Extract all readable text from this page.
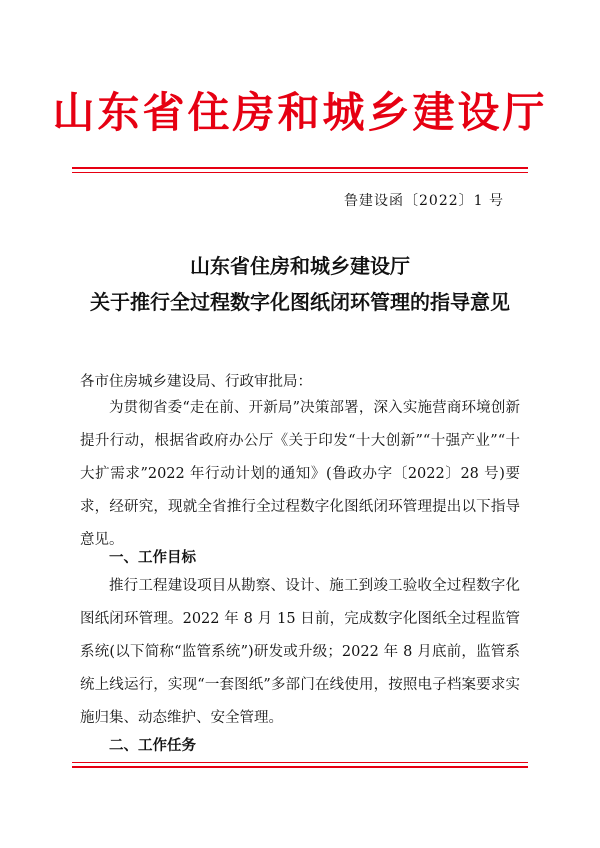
山东省住房和城乡建设厅
鲁建设函〔2022〕1 号
山东省住房和城乡建设厅
关于推行全过程数字化图纸闭环管理的指导意见
各市住房城乡建设局、行政审批局：
为贯彻省委“走在前、开新局”决策部署，深入实施营商环境创新提升行动，根据省政府办公厅《关于印发“十大创新”“十强产业”“十大扩需求”2022 年行动计划的通知》(鲁政办字〔2022〕28 号)要求，经研究，现就全省推行全过程数字化图纸闭环管理提出以下指导意见。
一、工作目标
推行工程建设项目从勘察、设计、施工到竣工验收全过程数字化图纸闭环管理。2022 年 8 月 15 日前，完成数字化图纸全过程监管系统(以下简称“监管系统”)研发或升级；2022 年 8 月底前，监管系统上线运行，实现“一套图纸”多部门在线使用，按照电子档案要求实施归集、动态维护、安全管理。
二、工作任务
